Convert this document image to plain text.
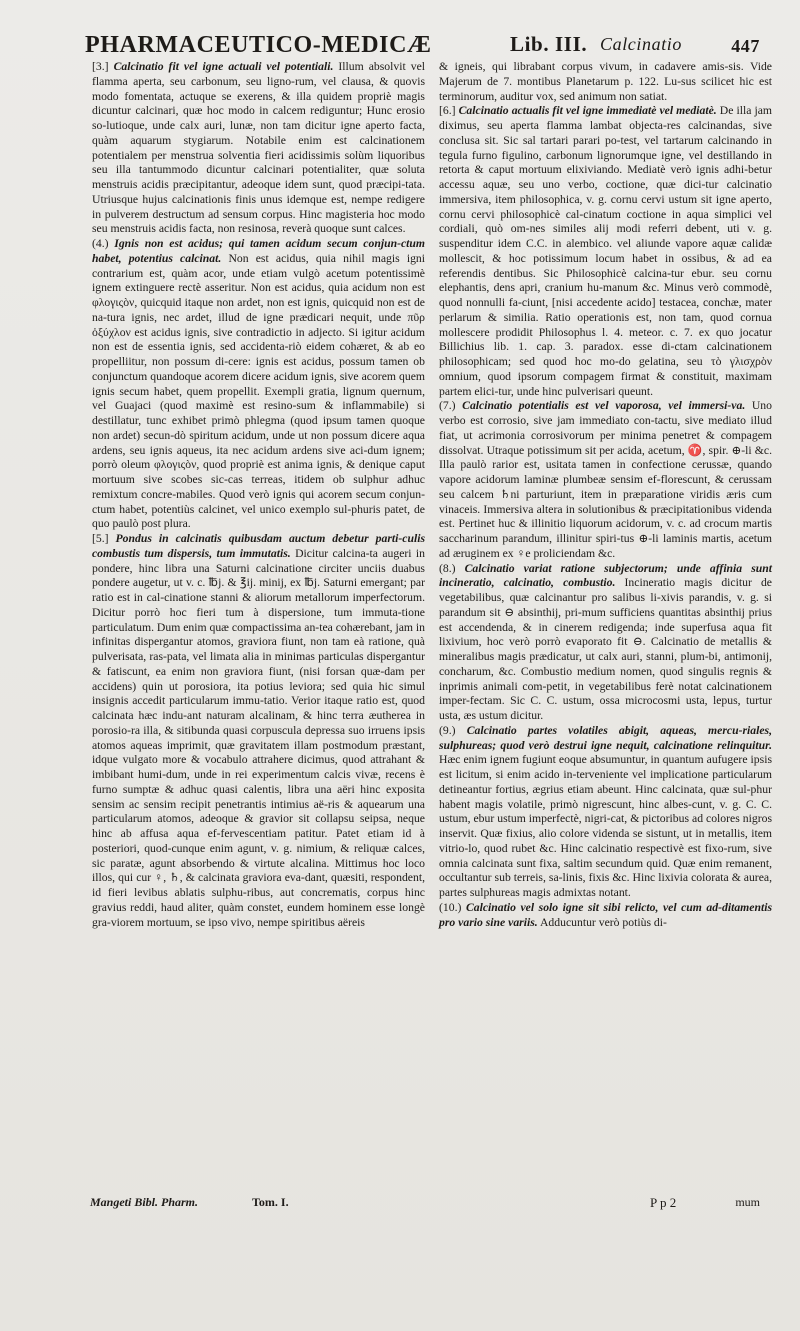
PHARMACEUTICO-MEDICÆ	Lib. III. Calcinatio	447

[3.] Calcinatio fit vel igne actuali vel potentiali. Illum absolvit vel flamma aperta, seu carbonum, seu ligno-rum, vel clausa, & quovis modo fomentata, actuque se exerens, & illa quidem propriè magis dicuntur calcinari, quæ hoc modo in calcem rediguntur; Hunc erosio so-lutioque, unde calx auri, lunæ, non tam dicitur igne aperto facta, quàm aquarum stygiarum. Notabile enim est calcinationem potentialem per menstrua solventia fieri acidissimis solùm liquoribus seu illa tantummodo dicuntur calcinari potentialiter, quæ soluta menstruis acidis præcipitantur, adeoque idem sunt, quod præcipi-tata. Utriusque hujus calcinationis finis unus idemque est, nempe redigere in pulverem destructum ad sensum corpus. Hinc magisteria hoc modo seu menstruis acidis facta, non resinosa, reverà quoque sunt calces.

(4.) Ignis non est acidus; qui tamen acidum secum conjun-ctum habet, potentius calcinat. Non est acidus, quia nihil magis igni contrarium est, quàm acor, unde etiam vulgò acetum potentissimè ignem extinguere rectè asseritur. Non est acidus, quia acidum non est φλογιςòν, quicquid itaque non ardet, non est ignis, quicquid non est de na-tura ignis, nec ardet, illud de igne prædicari nequit, unde πῦρ ὀξύχλον est acidus ignis, sive contradictio in adjecto. Si igitur acidum non est de essentia ignis, sed accidenta-riò eidem cohæret, & ab eo propelliitur, non possum di-cere: ignis est acidus, possum tamen ob conjunctum quandoque acorem dicere acidum ignis, sive acorem quem ignis secum habet, quem propellit. Exempli gratia, lignum quernum, vel Guajaci (quod maximè est resino-sum & inflammabile) si destillatur, tunc exhibet primò phlegma (quod ipsum tamen quoque non ardet) secun-dò spiritum acidum, unde ut non possum dicere aqua ardens, seu ignis aqueus, ita nec acidum ardens sive aci-dum ignem; porrò oleum φλογιςòν, quod propriè est anima ignis, & denique caput mortuum sive scobes sic-cas terreas, itidem ob sulphur adhuc remixtum concre-mabiles. Quod verò ignis qui acorem secum conjun-ctum habet, potentiùs calcinet, vel unico exemplo sul-phuris patet, de quo paulò post plura.

[5.] Pondus in calcinatis quibusdam auctum debetur parti-culis combustis tum dispersis, tum immutatis. Dicitur calcina-ta augeri in pondere, hinc libra una Saturni calcinatione circiter unciis duabus pondere augetur, ut v. c. ℔j. & ℥ij. minij, ex ℔j. Saturni emergant; par ratio est in cal-cinatione stanni & aliorum metallorum imperfectorum. Dicitur porrò hoc fieri tum à dispersione, tum immuta-tione particulatum. Dum enim quæ compactissima an-tea cohærebant, jam in infinitas dispergantur atomos, graviora fiunt, non tam eà ratione, quà pulverisata, ras-pata, vel limata alia in minimas particulas dispergantur & fatiscunt, ea enim non graviora fiunt, (nisi forsan quæ-dam per accidens) quin ut porosiora, ita potius leviora; sed quia hic simul insignis accedit particularum immu-tatio. Verior itaque ratio est, quod calcinata hæc indu-ant naturam alcalinam, & hinc terra æutherea in porosio-ra illa, & sitibunda quasi corpuscula depressa suo irruens ipsis atomos aqueas imprimit, quæ gravitatem illam postmodum præstant, idque vulgato more & vocabulo attrahere dicimus, quod attrahant & imbibant humi-dum, unde in rei experimentum calcis vivæ, recens è furno sumptæ & adhuc quasi calentis, libra una aëri hinc exposita sensim ac sensim recipit penetrantis intimius aë-ris & aquearum una particularum atomos, adeoque & gravior sit collapsu seipsa, neque hinc ab affusa aqua ef-fervescentiam patitur. Patet etiam id à posteriori, quod-cunque enim agunt, v. g. nimium, & reliquæ calces, sic paratæ, agunt absorbendo & virtute alcalina. Mittimus hoc loco illos, qui cur ♀, ♄, & calcinata graviora eva-dant, quæsiti, respondent, id fieri levibus ablatis sulphu-ribus, aut concrematis, corpus hinc gravius reddi, haud aliter, quàm constet, eundem hominem esse longè gra-viorem mortuum, se ipso vivo, nempe spiritibus aëreis

& igneis, qui librabant corpus vivum, in cadavere amis-sis. Vide Majerum de 7. montibus Planetarum p. 122. Lu-sus scilicet hic est terminorum, auditur vox, sed animum non satiat.

[6.] Calcinatio actualis fit vel igne immediatè vel mediatè. De illa jam diximus, seu aperta flamma lambat objecta-res calcinandas, sive conclusa sit. Sic sal tartari parari po-test, vel tartarum calcinando in tegula furno figulino, carbonum lignorumque igne, vel destillando in retorta & caput mortuum elixiviando. Mediatè verò ignis adhi-betur accessu aquæ, seu uno verbo, coctione, quæ dici-tur calcinatio immersiva, item philosophica, v. g. cornu cervi ustum sit igne aperto, cornu cervi philosophicè cal-cinatum coctione in aqua simplici vel cordiali, quò om-nes similes alij modi referri debent, uti v. g. suspenditur idem C.C. in alembico. vel aliunde vapore aquæ calidæ mollescit, & hoc potissimum locum habet in ossibus, & ad ea referendis dentibus. Sic Philosophicè calcina-tur ebur. seu cornu elephantis, dens apri, cranium hu-manum &c. Minus verò commodè, quod nonnulli fa-ciunt, [nisi accedente acido] testacea, conchæ, mater perlarum & similia. Ratio operationis est, non tam, quod cornua mollescere prodidit Philosophus l. 4. meteor. c. 7. ex quo jocatur Billichius lib. 1. cap. 3. paradox. esse di-ctam calcinationem philosophicam; sed quod hoc mo-do gelatina, seu τὸ γλισχρὸν omnium, quod ipsorum compagem firmat & constituit, maximam partem elici-tur, unde hinc pulverisari queunt.

(7.) Calcinatio potentialis est vel vaporosa, vel immersi-va. Uno verbo est corrosio, sive jam immediato con-tactu, sive mediato illud fiat, ut acrimonia corrosivorum per minima penetret & compagem dissolvat. Utraque potissimum sit per acida, acetum, ♈, spir. ⊕-li &c. Illa paulò rarior est, usitata tamen in confectione cerussæ, quando vapore acidorum laminæ plumbeæ sensim ef-florescunt, & cerussam seu calcem ♄ni parturiunt, item in præparatione viridis æris cum vinaceis. Immersiva altera in solutionibus & præcipitationibus videnda est. Pertinet huc & illinitio liquorum acidorum, v. c. ad crocum martis saccharinum parandum, illinitur spiri-tus ⊕-li laminis martis, acetum ad æruginem ex ♀e proliciendam &c.

(8.) Calcinatio variat ratione subjectorum; unde affinia sunt incineratio, calcinatio, combustio. Incineratio magis dicitur de vegetabilibus, quæ calcinantur pro salibus li-xivis parandis, v. g. si parandum sit ⊖ absinthij, pri-mum sufficiens quantitas absinthij prius est accendenda, & in cinerem redigenda; inde superfusa aqua fit lixivium, hoc verò porrò evaporato fit ⊖. Calcinatio de metallis & mineralibus magis prædicatur, ut calx auri, stanni, plum-bi, antimonij, concharum, &c. Combustio medium nomen, quod singulis regnis & inprimis animali com-petit, in vegetabilibus ferè notat calcinationem imper-fectam. Sic C. C. ustum, ossa microcosmi usta, lepus, turtur usta, æs ustum dicitur.

(9.) Calcinatio partes volatiles abigit, aqueas, mercu-riales, sulphureas; quod verò destrui igne nequit, calcinatione relinquitur. Hæc enim ignem fugiunt eoque absumuntur, in quantum aufugere ipsis est licitum, si enim acido in-terveniente vel implicatione particularum detineantur fortius, ægrius etiam abeunt. Hinc calcinata, quæ sul-phur habent magis volatile, primò nigrescunt, hinc albes-cunt, v. g. C. C. ustum, ebur ustum imperfectè, nigri-cat, & pictoribus ad colores nigros inservit. Quæ fixius, alio colore videnda se sistunt, ut in metallis, item vitrio-lo, quod rubet &c. Hinc calcinatio respectivè est fixo-rum, sive omnia calcinata sunt fixa, saltim secundum quid. Quæ enim remanent, occultantur sub terreis, sa-linis, fixis &c. Hinc lixivia colorata & aurea, partes sulphureas magis admixtas notant.

(10.) Calcinatio vel solo igne sit sibi relicto, vel cum ad-ditamentis pro vario sine variis. Adducuntur verò potiùs di-

Mangeti Bibl. Pharm.	Tom. I.	P p 2	mum
